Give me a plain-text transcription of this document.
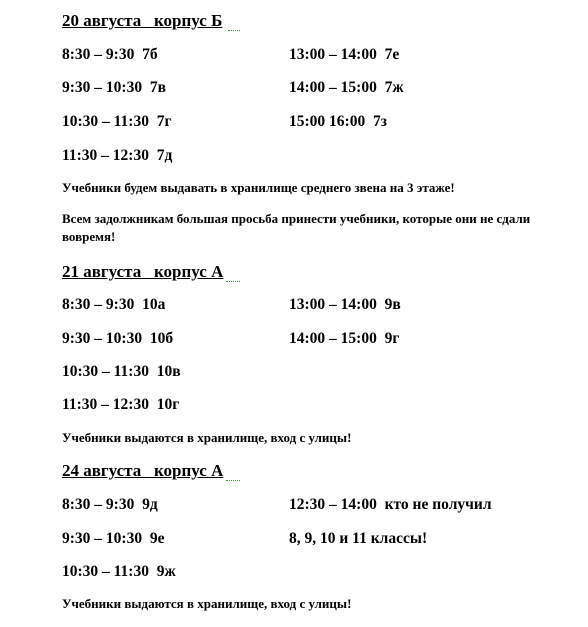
20 августа   корпус Б
8:30 – 9:30  7б	13:00 – 14:00  7е
9:30 – 10:30  7в	14:00 – 15:00  7ж
10:30 – 11:30  7г	15:00 16:00  7з
11:30 – 12:30  7д
Учебники будем выдавать в хранилище среднего звена на 3 этаже!
Всем задолжникам большая просьба принести учебники, которые они не сдали вовремя!
21 августа   корпус А
8:30 – 9:30  10а	13:00 – 14:00  9в
9:30 – 10:30  10б	14:00 – 15:00  9г
10:30 – 11:30  10в
11:30 – 12:30  10г
Учебники выдаются в хранилище, вход с улицы!
24 августа   корпус А
8:30 – 9:30  9д	12:30 – 14:00  кто не получил
9:30 – 10:30  9е	8, 9, 10 и 11 классы!
10:30 – 11:30  9ж
Учебники выдаются в хранилище, вход с улицы!
